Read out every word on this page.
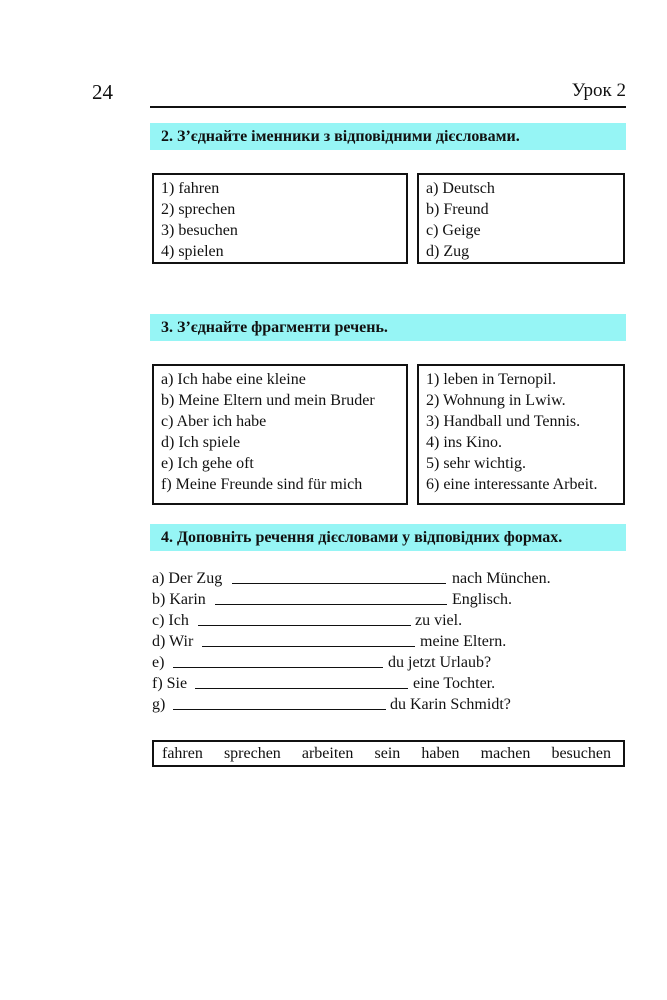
24	Урок 2
2. З’єднайте іменники з відповідними дієсловами.
1) fahren
2) sprechen
3) besuchen
4) spielen
a) Deutsch
b) Freund
c) Geige
d) Zug
3. З’єднайте фрагменти речень.
a) Ich habe eine kleine
b) Meine Eltern und mein Bruder
c) Aber ich habe
d) Ich spiele
e) Ich gehe oft
f) Meine Freunde sind für mich
1) leben in Ternopil.
2) Wohnung in Lwiw.
3) Handball und Tennis.
4) ins Kino.
5) sehr wichtig.
6) eine interessante Arbeit.
4. Доповніть речення дієсловами у відповідних формах.
a) Der Zug	nach München.
b) Karin	Englisch.
c) Ich	zu viel.
d) Wir	meine Eltern.
e)	du jetzt Urlaub?
f) Sie	eine Tochter.
g)	du Karin Schmidt?
fahren sprechen arbeiten sein haben machen besuchen
